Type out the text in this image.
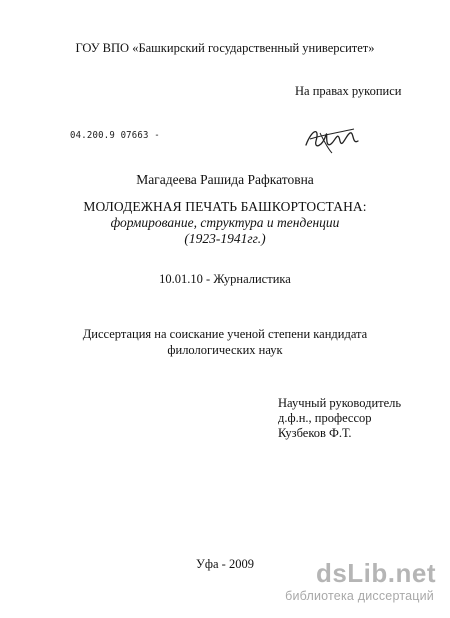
ГОУ ВПО «Башкирский государственный университет»
На правах рукописи
04.200.9 07663 -
Магадеева Рашида Рафкатовна
МОЛОДЕЖНАЯ ПЕЧАТЬ БАШКОРТОСТАНА:
формирование, структура и тенденции
(1923-1941гг.)
10.01.10 - Журналистика
Диссертация на соискание ученой степени кандидата
филологических наук
Научный руководитель
д.ф.н., профессор
Кузбеков Ф.Т.
Уфа - 2009	dsLib.net
библиотека диссертаций
